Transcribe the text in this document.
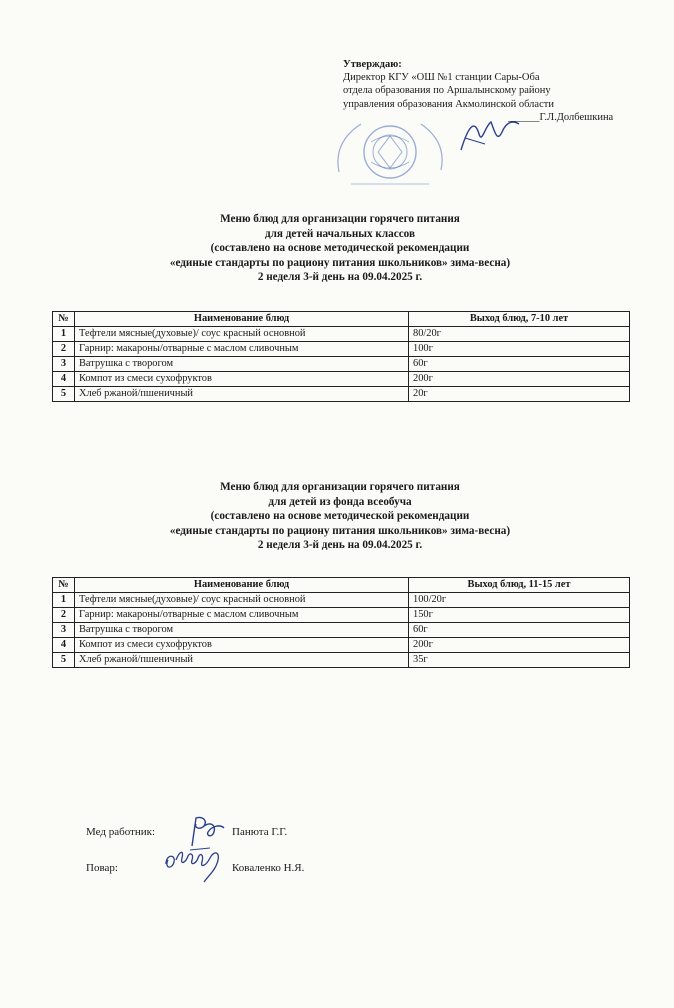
Утверждаю:
Директор КГУ «ОШ №1 станции Сары-Оба
отдела образования по Аршалынскому району
управления образования Акмолинской области
______Г.Л.Долбешкина
Меню блюд для организации горячего питания
для детей начальных классов
(составлено на основе методической рекомендации
«единые стандарты по рациону питания школьников» зима-весна)
2 неделя 3-й день на 09.04.2025 г.
№	Наименование блюд	Выход блюд, 7-10 лет
1	Тефтели мясные(духовые)/ соус красный основной	80/20г
2	Гарнир: макароны/отварные с маслом сливочным	100г
3	Ватрушка с творогом	60г
4	Компот из смеси сухофруктов	200г
5	Хлеб ржаной/пшеничный	20г
Меню блюд для организации горячего питания
для детей из фонда всеобуча
(составлено на основе методической рекомендации
«единые стандарты по рациону питания школьников» зима-весна)
2 неделя 3-й день на 09.04.2025 г.
№	Наименование блюд	Выход блюд, 11-15 лет
1	Тефтели мясные(духовые)/ соус красный основной	100/20г
2	Гарнир: макароны/отварные с маслом сливочным	150г
3	Ватрушка с творогом	60г
4	Компот из смеси сухофруктов	200г
5	Хлеб ржаной/пшеничный	35г
Мед работник:	Панюта Г.Г.
Повар:	Коваленко Н.Я.
